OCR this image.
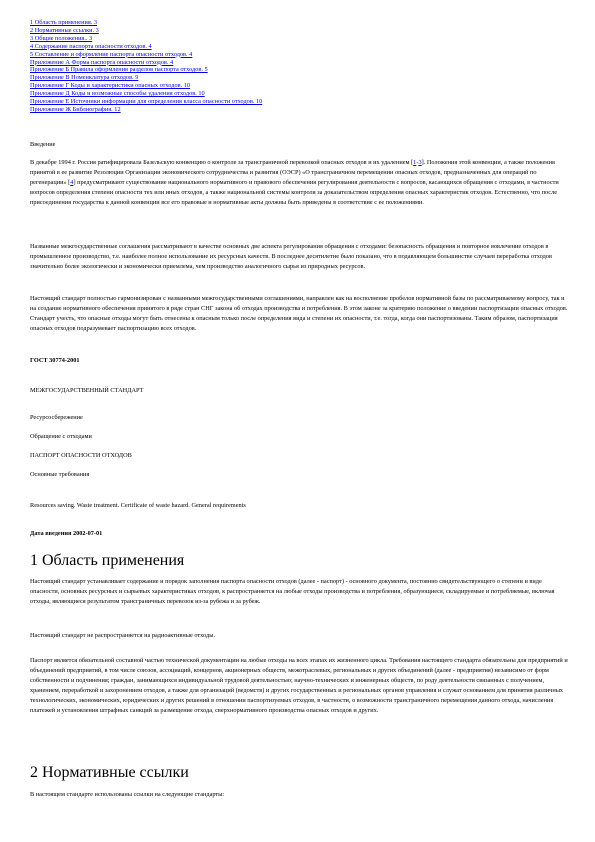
1 Область применения. 3
2 Нормативные ссылки. 3
3 Общие положения.. 3
4 Содержание паспорта опасности отходов. 4
5 Составление и оформление паспорта опасности отходов. 4
Приложение А Форма паспорта опасности отходов. 4
Приложение Б Правила оформления разделов паспорта отходов. 5
Приложение В Номенклатура отходов. 9
Приложение Г Коды и характеристики опасных отходов. 10
Приложение Д Коды и возможные способы удаления отходов. 10
Приложение Е Источники информации для определения класса опасности отходов. 10
Приложение Ж Библиография. 12
Введение

В декабре 1994 г. Россия ратифицировала Базельскую конвенцию о контроле за трансграничной перевозкой опасных отходов и их удалением [1-3]. Положения этой конвенции, а также положения принятой в ее развитие Резолюции Организации экономического сотрудничества и развития (ОЭСР) «О трансграничном перемещении опасных отходов, предназначенных для операций по регенерации» [4] предусматривают существование национального нормативного и правового обеспечения регулирования деятельности с вопросов, касающихся обращения с отходами, в частности вопросов определения степени опасности тех или иных отходов, а также национальной системы контроля за доказательством определения опасных характеристик отходов. Естественно, что после присоединения государства к данной конвенции все его правовые и нормативные акты должны быть приведены в соответствие с ее положениями.

Названные межгосударственные соглашения рассматривают в качестве основных две аспекта регулирования обращения с отходами: безопасность обращения и повторное вовлечение отходов в промышленное производство, т.е. наиболее полное использование их ресурсных качеств. В последнее десятилетие было показано, что в подавляющем большинстве случаев переработка отходов значительно более экологически и экономически приемлема, чем производство аналогичного сырья из природных ресурсов.

Настоящий стандарт полностью гармонизирован с названными межгосударственными соглашениями, направлен как на восполнение пробелов нормативной базы по рассматриваемому вопросу, так и на создание нормативного обеспечения принятого в ряде стран СНГ закона об отходах производства и потребления. В этом законе за критерию положение о введении паспортизации опасных отходов. Стандарт учесть, что опасные отходы могут быть отнесены к опасным только после определения вида и степени их опасности, т.е. тогда, когда они паспортизованы. Таким образом, паспортизация опасных отходов подразумевает паспортизацию всех отходов.

ГОСТ 30774-2001
МЕЖГОСУДАРСТВЕННЫЙ СТАНДАРТ
Ресурсосбережение
Обращение с отходами
ПАСПОРТ ОПАСНОСТИ ОТХОДОВ
Основные требования
Resources saving. Waste treatment. Certificate of waste hazard. General requirements
Дата введения 2002-07-01
1 Область применения

Настоящий стандарт устанавливает содержание и порядок заполнения паспорта опасности отходов (далее - паспорт) - основного документа, постоянно свидетельствующего о степени и виде опасности, основных ресурсных и сырьевых характеристиках отходов, к распространяется на любые отходы производства и потребления, образующиеся, складируемые и потребляемые, включая отходы, являющиеся результатом трансграничных перевозок из-за рубежа и за рубеж.

Настоящий стандарт не распространяется на радиоактивные отходы.

Паспорт является обязательной составной частью технической документации на любые отходы на всех этапах их жизненного цикла. Требования настоящего стандарта обязательны для предприятий и объединений предприятий, в том числе союзов, ассоциаций, концернов, акционерных обществ, межотраслевых, региональных и других объединений (далее - предприятия) независимо от форм собственности и подчинения; граждан, занимающихся индивидуальной трудовой деятельностью; научно-технических и инженерных обществ, по роду деятельности связанных с получением, хранением, переработкой и захоронением отходов, а также для организаций (ведомств) и других государственных и региональных органов управления и служат основанием для принятия различных технологических, экономических, юридических и других решений в отношении паспортизуемых отходов, в частности, о возможности трансграничного перемещения данного отхода, начисления платежей и установления штрафных санкций за размещение отхода, сверхнормативного производства опасных отходов и других.

2 Нормативные ссылки

В настоящем стандарте использованы ссылки на следующие стандарты:
